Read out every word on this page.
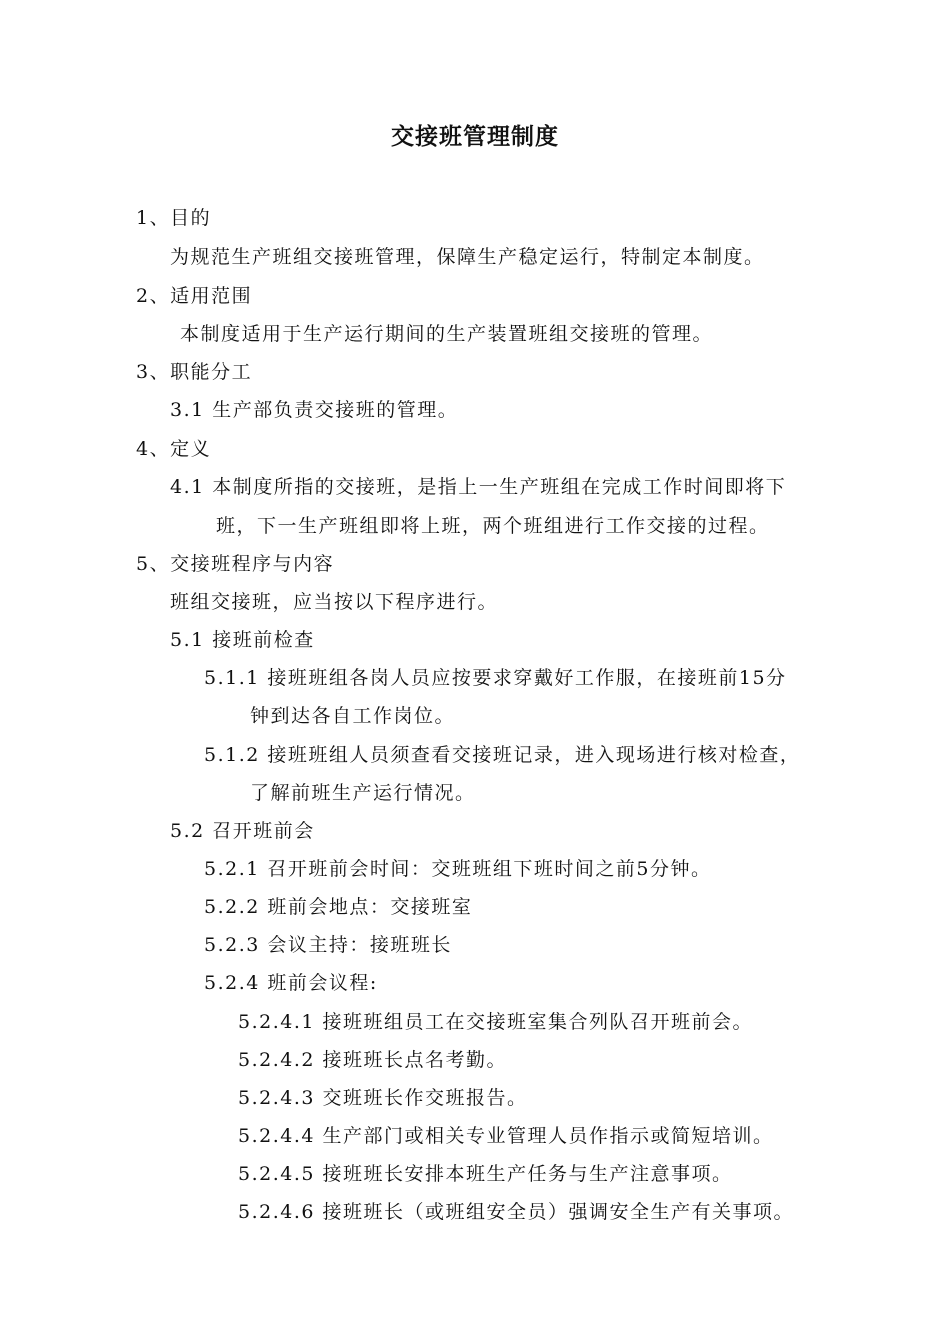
交接班管理制度
1、目的
为规范生产班组交接班管理，保障生产稳定运行，特制定本制度。
2、适用范围
本制度适用于生产运行期间的生产装置班组交接班的管理。
3、职能分工
3.1 生产部负责交接班的管理。
4、定义
4.1 本制度所指的交接班，是指上一生产班组在完成工作时间即将下
班，下一生产班组即将上班，两个班组进行工作交接的过程。
5、交接班程序与内容
班组交接班，应当按以下程序进行。
5.1 接班前检查
5.1.1 接班班组各岗人员应按要求穿戴好工作服，在接班前15分
钟到达各自工作岗位。
5.1.2 接班班组人员须查看交接班记录，进入现场进行核对检查，
了解前班生产运行情况。
5.2 召开班前会
5.2.1 召开班前会时间：交班班组下班时间之前5分钟。
5.2.2 班前会地点：交接班室
5.2.3 会议主持：接班班长
5.2.4 班前会议程:
5.2.4.1 接班班组员工在交接班室集合列队召开班前会。
5.2.4.2 接班班长点名考勤。
5.2.4.3 交班班长作交班报告。
5.2.4.4 生产部门或相关专业管理人员作指示或简短培训。
5.2.4.5 接班班长安排本班生产任务与生产注意事项。
5.2.4.6 接班班长（或班组安全员）强调安全生产有关事项。
